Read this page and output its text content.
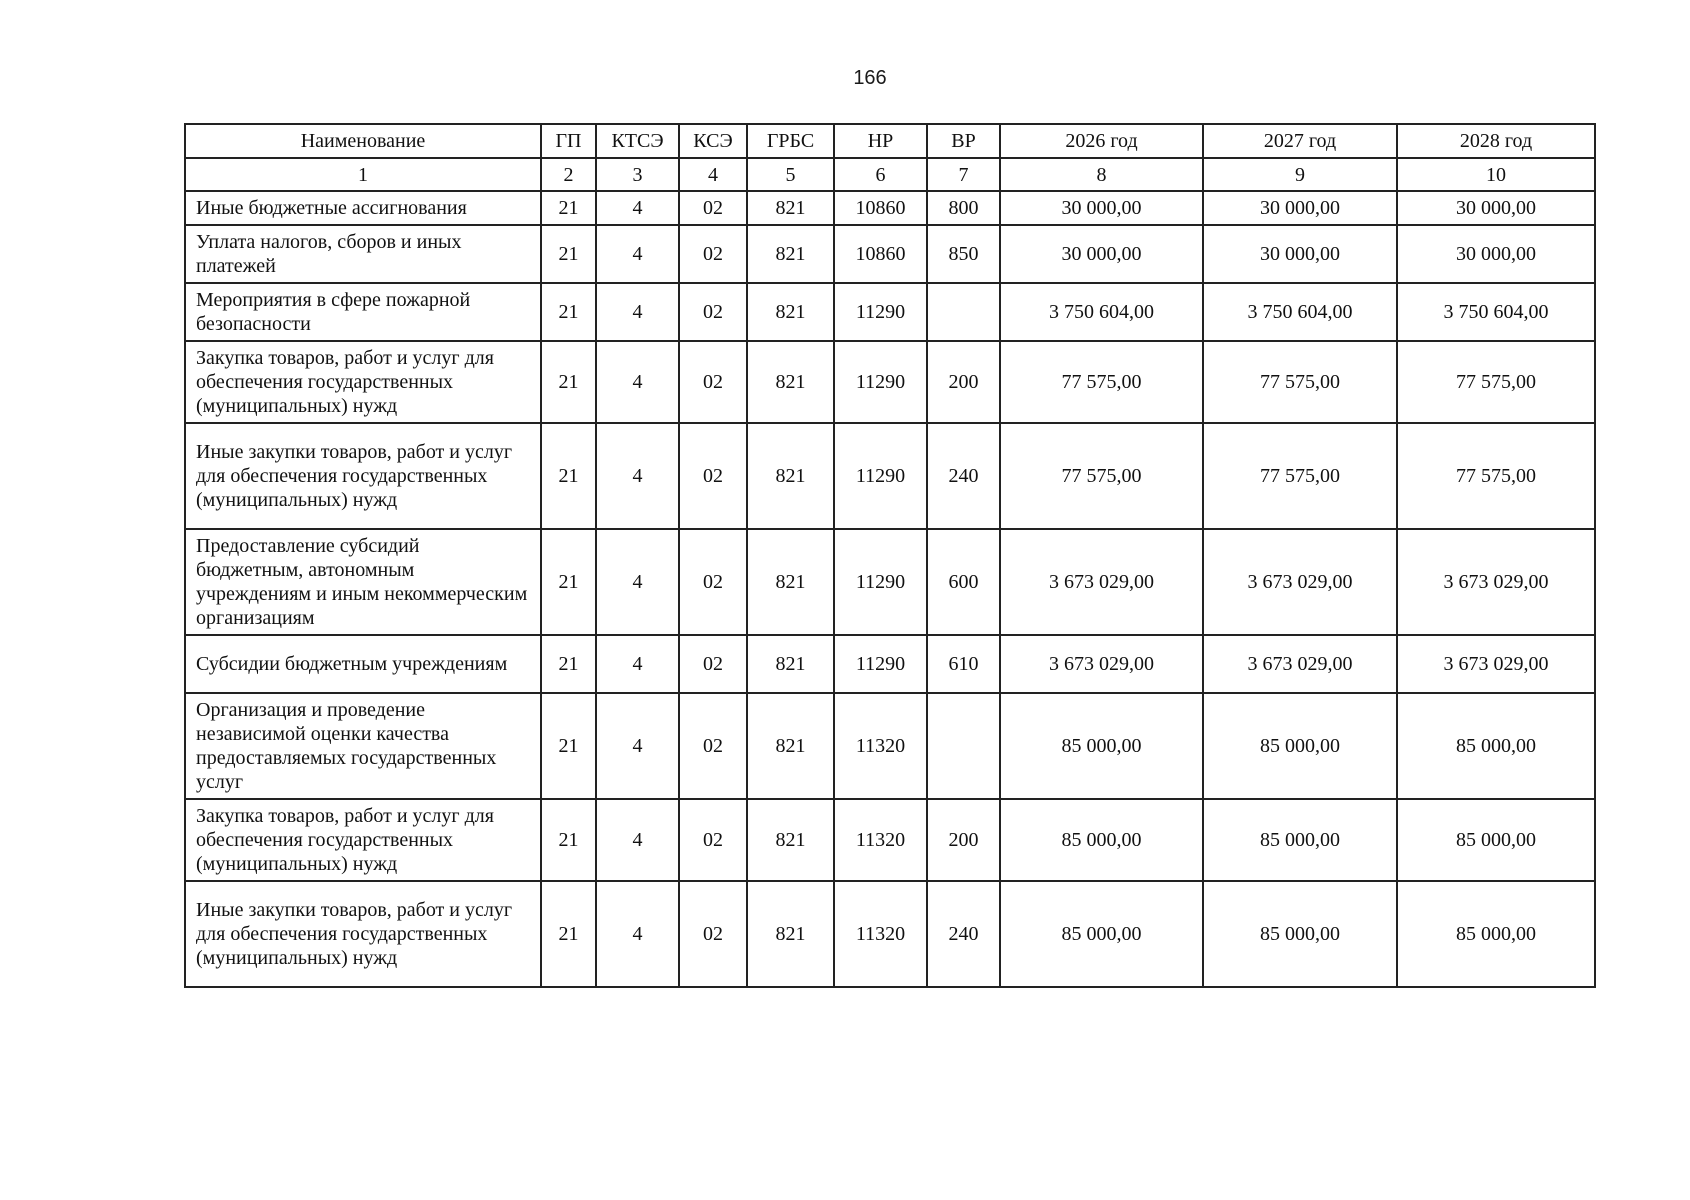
166
Наименование	ГП	КТСЭ	КСЭ	ГРБС	НР	ВР	2026 год	2027 год	2028 год
1	2	3	4	5	6	7	8	9	10
Иные бюджетные ассигнования	21	4	02	821	10860	800	30 000,00	30 000,00	30 000,00
Уплата налогов, сборов и иных платежей	21	4	02	821	10860	850	30 000,00	30 000,00	30 000,00
Мероприятия в сфере пожарной безопасности	21	4	02	821	11290		3 750 604,00	3 750 604,00	3 750 604,00
Закупка товаров, работ и услуг для обеспечения государственных (муниципальных) нужд	21	4	02	821	11290	200	77 575,00	77 575,00	77 575,00
Иные закупки товаров, работ и услуг для обеспечения государственных (муниципальных) нужд	21	4	02	821	11290	240	77 575,00	77 575,00	77 575,00
Предоставление субсидий бюджетным, автономным учреждениям и иным некоммерческим организациям	21	4	02	821	11290	600	3 673 029,00	3 673 029,00	3 673 029,00
Субсидии бюджетным учреждениям	21	4	02	821	11290	610	3 673 029,00	3 673 029,00	3 673 029,00
Организация и проведение независимой оценки качества предоставляемых государственных услуг	21	4	02	821	11320		85 000,00	85 000,00	85 000,00
Закупка товаров, работ и услуг для обеспечения государственных (муниципальных) нужд	21	4	02	821	11320	200	85 000,00	85 000,00	85 000,00
Иные закупки товаров, работ и услуг для обеспечения государственных (муниципальных) нужд	21	4	02	821	11320	240	85 000,00	85 000,00	85 000,00
